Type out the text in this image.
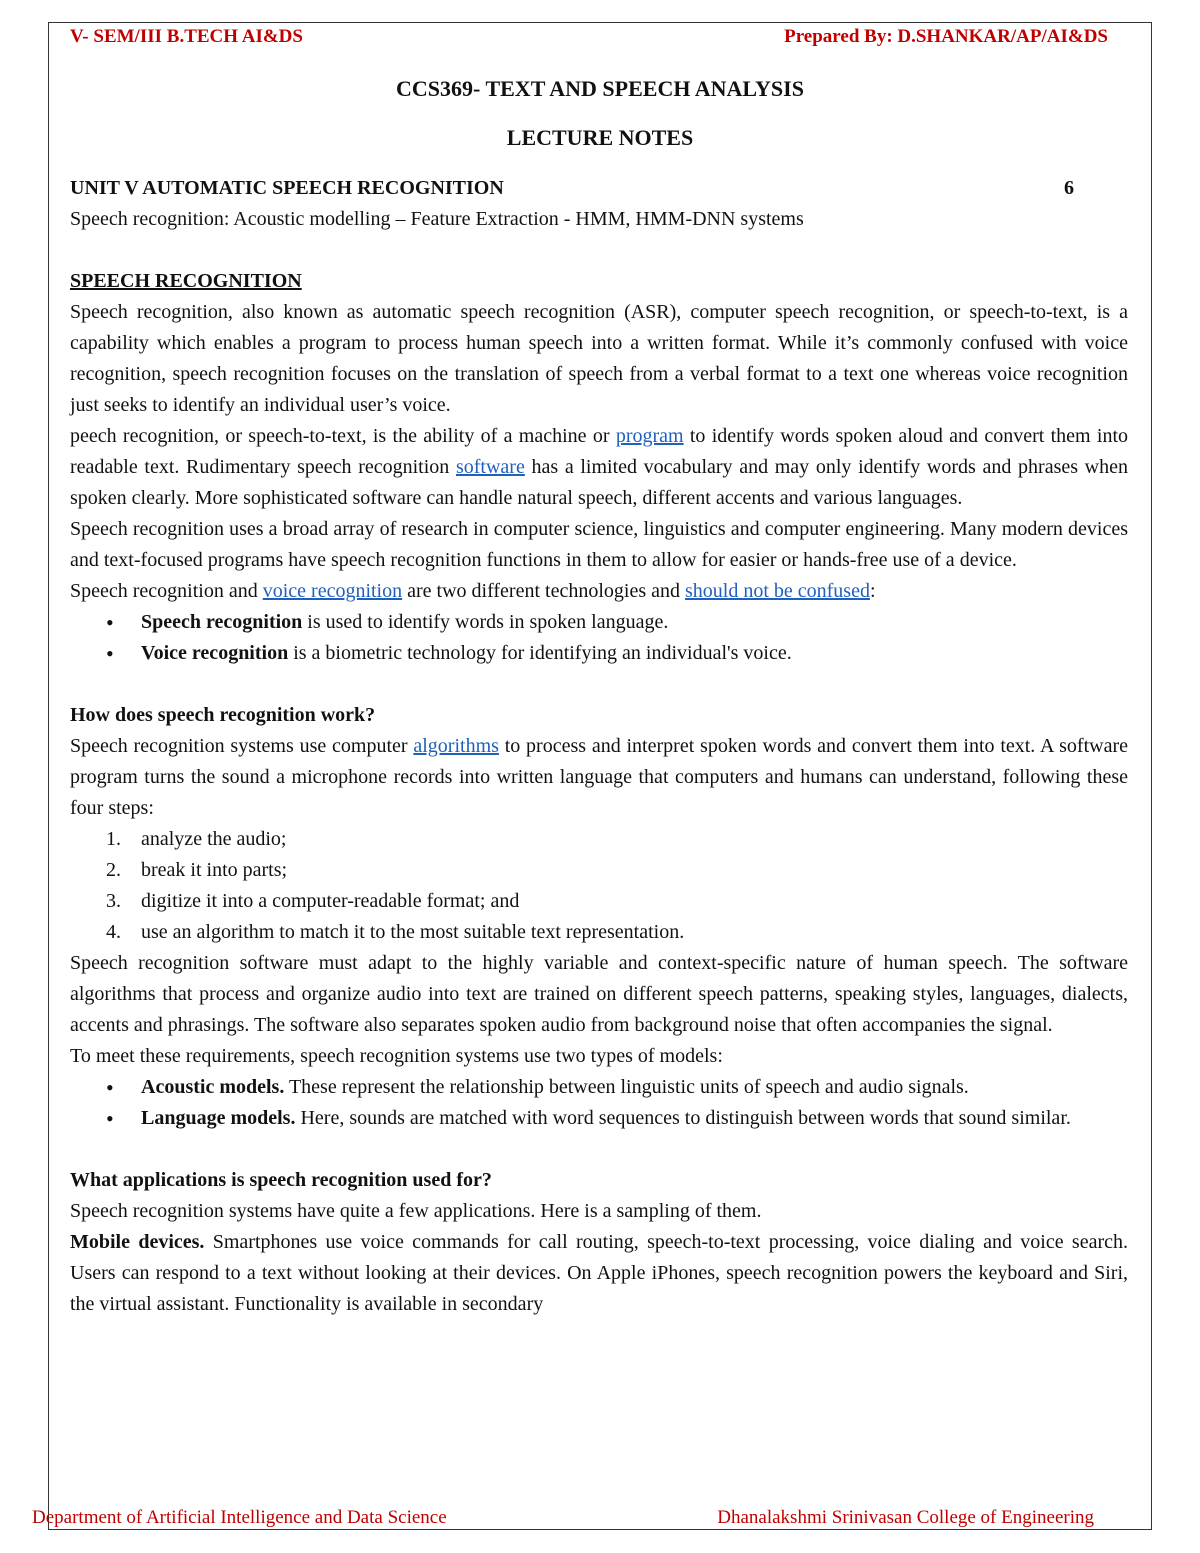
V- SEM/III B.TECH AI&DS	Prepared By: D.SHANKAR/AP/AI&DS
CCS369- TEXT AND SPEECH ANALYSIS
LECTURE NOTES
UNIT V AUTOMATIC SPEECH RECOGNITION	6

Speech recognition: Acoustic modelling – Feature Extraction - HMM, HMM-DNN systems

SPEECH RECOGNITION

Speech recognition, also known as automatic speech recognition (ASR), computer speech recognition, or speech-to-text, is a capability which enables a program to process human speech into a written format. While it’s commonly confused with voice recognition, speech recognition focuses on the translation of speech from a verbal format to a text one whereas voice recognition just seeks to identify an individual user’s voice.

peech recognition, or speech-to-text, is the ability of a machine or program to identify words spoken aloud and convert them into readable text. Rudimentary speech recognition software has a limited vocabulary and may only identify words and phrases when spoken clearly. More sophisticated software can handle natural speech, different accents and various languages.

Speech recognition uses a broad array of research in computer science, linguistics and computer engineering. Many modern devices and text-focused programs have speech recognition functions in them to allow for easier or hands-free use of a device.

Speech recognition and voice recognition are two different technologies and should not be confused:

• Speech recognition is used to identify words in spoken language.
• Voice recognition is a biometric technology for identifying an individual's voice.

How does speech recognition work?

Speech recognition systems use computer algorithms to process and interpret spoken words and convert them into text. A software program turns the sound a microphone records into written language that computers and humans can understand, following these four steps:

1. analyze the audio;
2. break it into parts;
3. digitize it into a computer-readable format; and
4. use an algorithm to match it to the most suitable text representation.

Speech recognition software must adapt to the highly variable and context-specific nature of human speech. The software algorithms that process and organize audio into text are trained on different speech patterns, speaking styles, languages, dialects, accents and phrasings. The software also separates spoken audio from background noise that often accompanies the signal.

To meet these requirements, speech recognition systems use two types of models:

• Acoustic models. These represent the relationship between linguistic units of speech and audio signals.
• Language models. Here, sounds are matched with word sequences to distinguish between words that sound similar.

What applications is speech recognition used for?

Speech recognition systems have quite a few applications. Here is a sampling of them.

Mobile devices. Smartphones use voice commands for call routing, speech-to-text processing, voice dialing and voice search. Users can respond to a text without looking at their devices. On Apple iPhones, speech recognition powers the keyboard and Siri, the virtual assistant. Functionality is available in secondary

Department of Artificial Intelligence and Data Science	Dhanalakshmi Srinivasan College of Engineering
